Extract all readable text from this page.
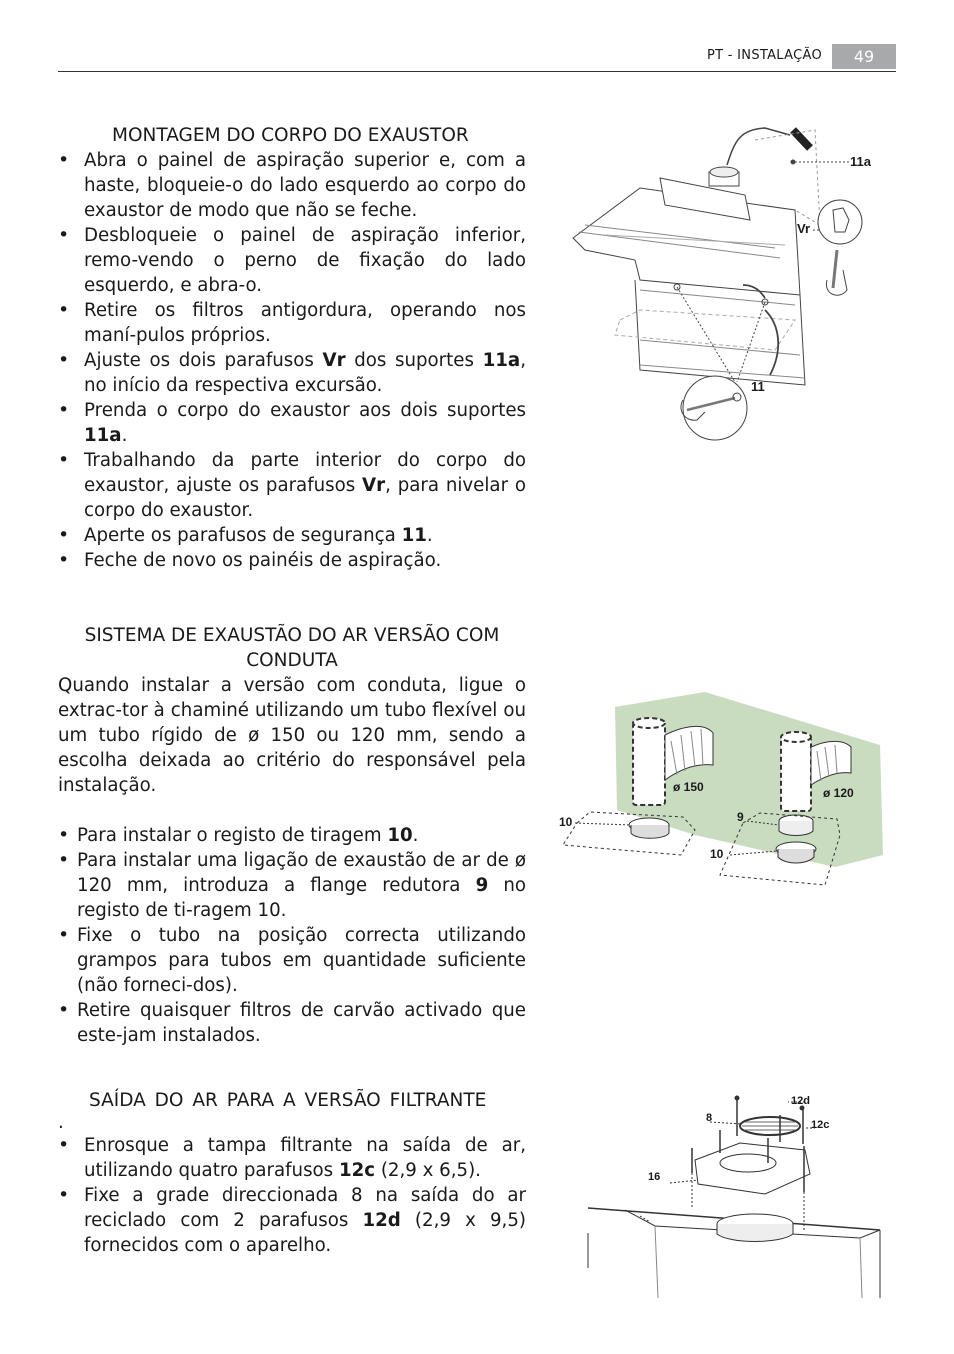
PT - INSTALAÇÃO	49
MONTAGEM DO CORPO DO EXAUSTOR
• Abra o painel de aspiração superior e, com a haste, bloqueie-o do lado esquerdo ao corpo do exaustor de modo que não se feche.
• Desbloqueie o painel de aspiração inferior, remo-vendo o perno de fixação do lado esquerdo, e abra-o.
• Retire os filtros antigordura, operando nos maní-pulos próprios.
• Ajuste os dois parafusos Vr dos suportes 11a, no início da respectiva excursão.
• Prenda o corpo do exaustor aos dois suportes 11a.
• Trabalhando da parte interior do corpo do exaustor, ajuste os parafusos Vr, para nivelar o corpo do exaustor.
• Aperte os parafusos de segurança 11.
• Feche de novo os painéis de aspiração.
SISTEMA DE EXAUSTÃO DO AR VERSÃO COM CONDUTA

Quando instalar a versão com conduta, ligue o extrac-tor à chaminé utilizando um tubo flexível ou um tubo rígido de ø 150 ou 120 mm, sendo a escolha deixada ao critério do responsável pela instalação.

• Para instalar o registo de tiragem 10.
• Para instalar uma ligação de exaustão de ar de ø 120 mm, introduza a flange redutora 9 no registo de ti-ragem 10.
• Fixe o tubo na posição correcta utilizando grampos para tubos em quantidade suficiente (não forneci-dos).
• Retire quaisquer filtros de carvão activado que este-jam instalados.
SAÍDA DO AR PARA A VERSÃO FILTRANTE
.
• Enrosque a tampa filtrante na saída de ar, utilizando quatro parafusos 12c (2,9 x 6,5).
• Fixe a grade direccionada 8 na saída do ar reciclado com 2 parafusos 12d (2,9 x 9,5) fornecidos com o aparelho.
11a
Vr
11
ø 150	ø 120
10	9
10
12d
8
12c
16
